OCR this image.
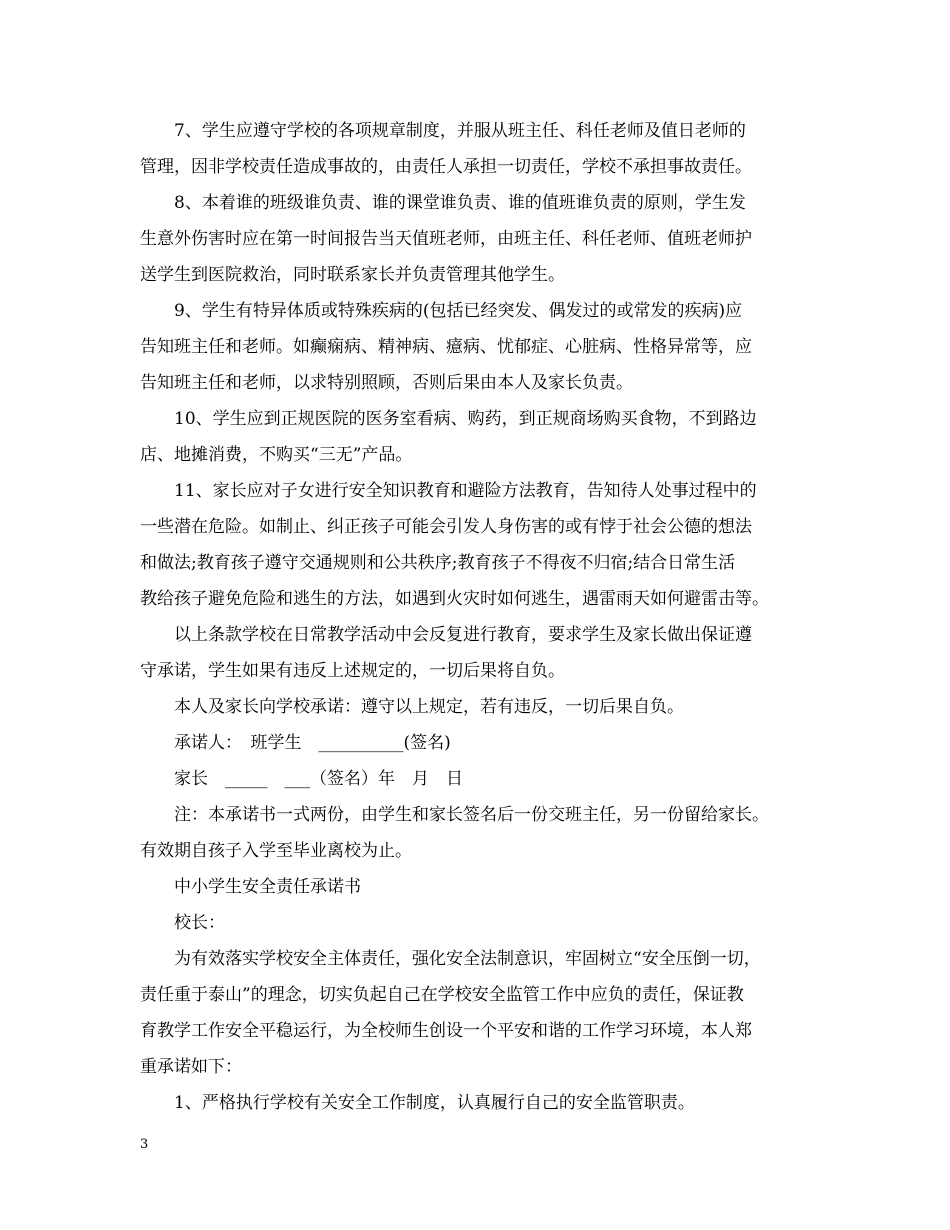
7、学生应遵守学校的各项规章制度，并服从班主任、科任老师及值日老师的
管理，因非学校责任造成事故的，由责任人承担一切责任，学校不承担事故责任。
8、本着谁的班级谁负责、谁的课堂谁负责、谁的值班谁负责的原则，学生发
生意外伤害时应在第一时间报告当天值班老师，由班主任、科任老师、值班老师护
送学生到医院救治，同时联系家长并负责管理其他学生。
9、学生有特异体质或特殊疾病的(包括已经突发、偶发过的或常发的疾病)应
告知班主任和老师。如癫痫病、精神病、癔病、忧郁症、心脏病、性格异常等，应
告知班主任和老师，以求特别照顾，否则后果由本人及家长负责。
10、学生应到正规医院的医务室看病、购药，到正规商场购买食物，不到路边
店、地摊消费，不购买“三无”产品。
11、家长应对子女进行安全知识教育和避险方法教育，告知待人处事过程中的
一些潜在危险。如制止、纠正孩子可能会引发人身伤害的或有悖于社会公德的想法
和做法;教育孩子遵守交通规则和公共秩序;教育孩子不得夜不归宿;结合日常生活
教给孩子避免危险和逃生的方法，如遇到火灾时如何逃生，遇雷雨天如何避雷击等。
以上条款学校在日常教学活动中会反复进行教育，要求学生及家长做出保证遵
守承诺，学生如果有违反上述规定的，一切后果将自负。
本人及家长向学校承诺：遵守以上规定，若有违反，一切后果自负。
承诺人：　班学生　__________(签名)
家长　_____　___（签名）年　月　日
注：本承诺书一式两份，由学生和家长签名后一份交班主任，另一份留给家长。
有效期自孩子入学至毕业离校为止。
中小学生安全责任承诺书
校长：
为有效落实学校安全主体责任，强化安全法制意识，牢固树立“安全压倒一切，
责任重于泰山”的理念，切实负起自己在学校安全监管工作中应负的责任，保证教
育教学工作安全平稳运行，为全校师生创设一个平安和谐的工作学习环境，本人郑
重承诺如下：
1、严格执行学校有关安全工作制度，认真履行自己的安全监管职责。
3
